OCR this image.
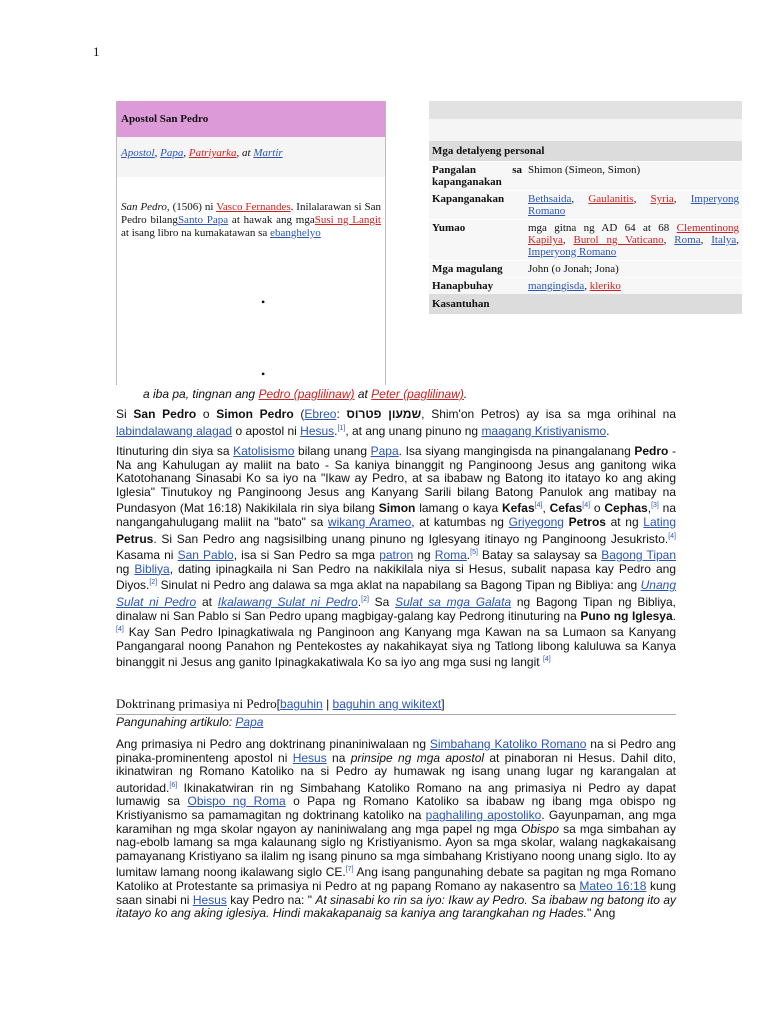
1
Apostol San Pedro
Apostol, Papa, Patriyarka, at Martir
San Pedro, (1506) ni Vasco Fernandes. Inilalarawan si San Pedro bilangSanto Papa at hawak ang mgaSusi ng Langit at isang libro na kumakatawan sa ebanghelyo
•
•
Mga detalyeng personal
Pangalan sa kapanganakan	Shimon (Simeon, Simon)
Kapanganakan	Bethsaida, Gaulanitis, Syria, Imperyong Romano
Yumao	mga gitna ng AD 64 at 68 Clementinong Kapilya, Burol ng Vaticano, Roma, Italya, Imperyong Romano
Mga magulang	John (o Jonah; Jona)
Hanapbuhay	mangingisda, kleriko
Kasantuhan
a iba pa, tingnan ang Pedro (paglilinaw) at Peter (paglilinaw).
Si San Pedro o Simon Pedro (Ebreo: שמעון פטרוס, Shim'on Petros) ay isa sa mga orihinal na labindalawang alagad o apostol ni Hesus.[1], at ang unang pinuno ng maagang Kristiyanismo.
Itinuturing din siya sa Katolisismo bilang unang Papa. Isa siyang mangingisda na pinangalanang Pedro - Na ang Kahulugan ay maliit na bato - Sa kaniya binanggit ng Panginoong Jesus ang ganitong wika Katotohanang Sinasabi Ko sa iyo na "Ikaw ay Pedro, at sa ibabaw ng Batong ito itatayo ko ang aking Iglesia" Tinutukoy ng Panginoong Jesus ang Kanyang Sarili bilang Batong Panulok ang matibay na Pundasyon (Mat 16:18) Nakikilala rin siya bilang Simon lamang o kaya Kefas[4], Cefas[4] o Cephas,[3] na nangangahulugang maliit na "bato" sa wikang Arameo, at katumbas ng Griyegong Petros at ng Lating Petrus. Si San Pedro ang nagsisilbing unang pinuno ng Iglesyang itinayo ng Panginoong Jesukristo.[4] Kasama ni San Pablo, isa si San Pedro sa mga patron ng Roma.[5] Batay sa salaysay sa Bagong Tipan ng Bibliya, dating ipinagkaila ni San Pedro na nakikilala niya si Hesus, subalit napasa kay Pedro ang Diyos.[2] Sinulat ni Pedro ang dalawa sa mga aklat na napabilang sa Bagong Tipan ng Bibliya: ang Unang Sulat ni Pedro at Ikalawang Sulat ni Pedro.[2] Sa Sulat sa mga Galata ng Bagong Tipan ng Bibliya, dinalaw ni San Pablo si San Pedro upang magbigay-galang kay Pedrong itinuturing na Puno ng Iglesya.[4] Kay San Pedro Ipinagkatiwala ng Panginoon ang Kanyang mga Kawan na sa Lumaon sa Kanyang Pangangaral noong Panahon ng Pentekostes ay nakahikayat siya ng Tatlong libong kaluluwa sa Kanya binanggit ni Jesus ang ganito Ipinagkakatiwala Ko sa iyo ang mga susi ng langit [4]
Doktrinang primasiya ni Pedro[baguhin | baguhin ang wikitext]
Pangunahing artikulo: Papa
Ang primasiya ni Pedro ang doktrinang pinaniniwalaan ng Simbahang Katoliko Romano na si Pedro ang pinaka-prominenteng apostol ni Hesus na prinsipe ng mga apostol at pinaboran ni Hesus. Dahil dito, ikinatwiran ng Romano Katoliko na si Pedro ay humawak ng isang unang lugar ng karangalan at autoridad.[6] Ikinakatwiran rin ng Simbahang Katoliko Romano na ang primasiya ni Pedro ay dapat lumawig sa Obispo ng Roma o Papa ng Romano Katoliko sa ibabaw ng ibang mga obispo ng Kristiyanismo sa pamamagitan ng doktrinang katoliko na paghaliling apostoliko. Gayunpaman, ang mga karamihan ng mga skolar ngayon ay naniniwalang ang mga papel ng mga Obispo sa mga simbahan ay nag-ebolb lamang sa mga kalaunang siglo ng Kristiyanismo. Ayon sa mga skolar, walang nagkakaisang pamayanang Kristiyano sa ilalim ng isang pinuno sa mga simbahang Kristiyano noong unang siglo. Ito ay lumitaw lamang noong ikalawang siglo CE.[7] Ang isang pangunahing debate sa pagitan ng mga Romano Katoliko at Protestante sa primasiya ni Pedro at ng papang Romano ay nakasentro sa Mateo 16:18 kung saan sinabi ni Hesus kay Pedro na: " At sinasabi ko rin sa iyo: Ikaw ay Pedro. Sa ibabaw ng batong ito ay itatayo ko ang aking iglesiya. Hindi makakapanaig sa kaniya ang tarangkahan ng Hades." Ang
